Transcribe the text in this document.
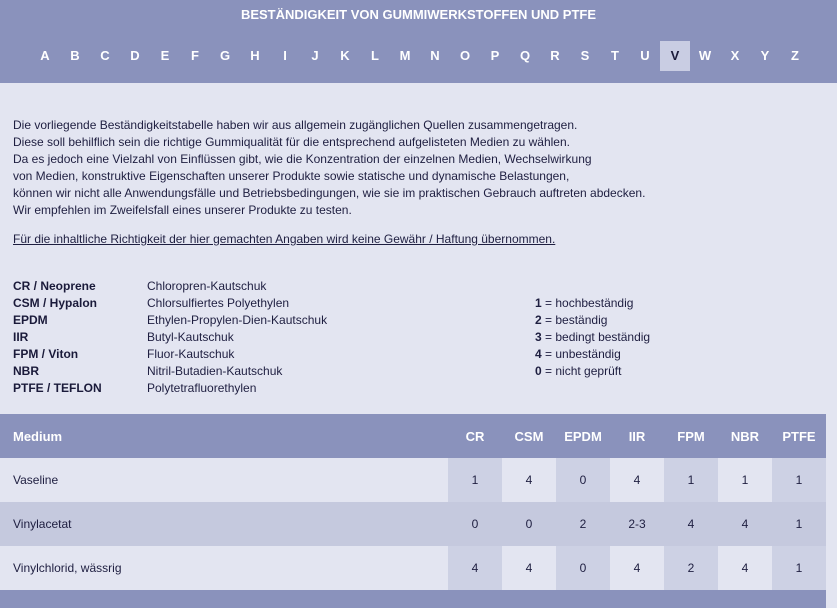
BESTÄNDIGKEIT VON GUMMIWERKSTOFFEN UND PTFE
A	B	C	D	E	F	G	H	I	J	K	L	M	N	O	P	Q	R	S	T	U	V	W	X	Y	Z

Die vorliegende Beständigkeitstabelle haben wir aus allgemein zugänglichen Quellen zusammengetragen.

Diese soll behilflich sein die richtige Gummiqualität für die entsprechend aufgelisteten Medien zu wählen.

Da es jedoch eine Vielzahl von Einflüssen gibt, wie die Konzentration der einzelnen Medien, Wechselwirkung

von Medien, konstruktive Eigenschaften unserer Produkte sowie statische und dynamische Belastungen,

können wir nicht alle Anwendungsfälle und Betriebsbedingungen, wie sie im praktischen Gebrauch auftreten abdecken.

Wir empfehlen im Zweifelsfall eines unserer Produkte zu testen.

Für die inhaltliche Richtigkeit der hier gemachten Angaben wird keine Gewähr / Haftung übernommen.
CR / Neoprene	Chloropren-Kautschuk
CSM / Hypalon	Chlorsulfiertes Polyethylen
EPDM	Ethylen-Propylen-Dien-Kautschuk
IIR	Butyl-Kautschuk
FPM / Viton	Fluor-Kautschuk
NBR	Nitril-Butadien-Kautschuk
PTFE / TEFLON	Polytetrafluorethylen
1 = hochbeständig
2 = beständig
3 = bedingt beständig
4 = unbeständig
0 = nicht geprüft
Medium	CR	CSM	EPDM	IIR	FPM	NBR	PTFE
Vaseline	1	4	0	4	1	1	1
Vinylacetat	0	0	2	2-3	4	4	1
Vinylchlorid, wässrig	4	4	0	4	2	4	1
